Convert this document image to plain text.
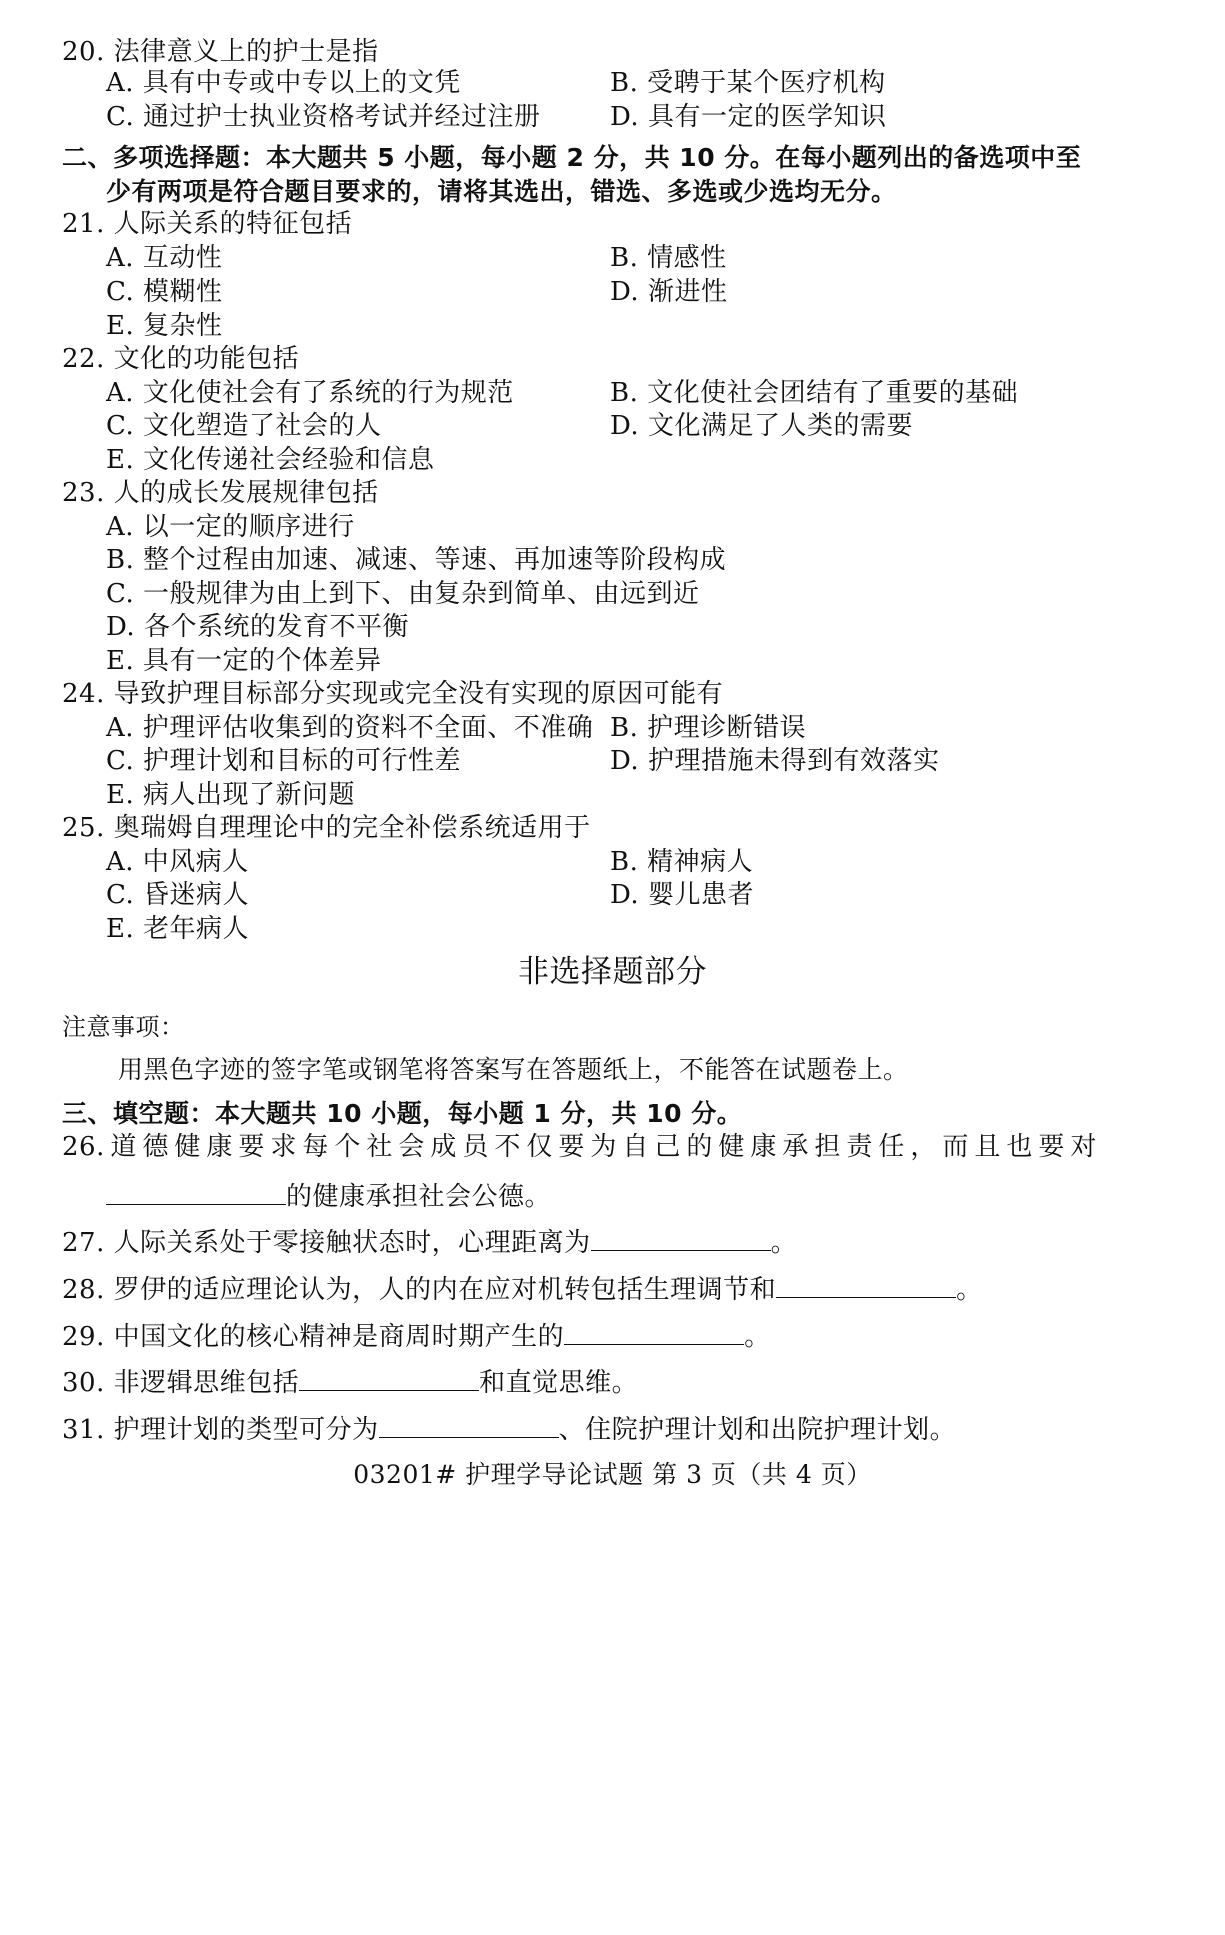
20. 法律意义上的护士是指
A. 具有中专或中专以上的文凭	B. 受聘于某个医疗机构
C. 通过护士执业资格考试并经过注册	D. 具有一定的医学知识
二、多项选择题：本大题共 5 小题，每小题 2 分，共 10 分。在每小题列出的备选项中至
少有两项是符合题目要求的，请将其选出，错选、多选或少选均无分。
21. 人际关系的特征包括
A. 互动性	B. 情感性
C. 模糊性	D. 渐进性
E. 复杂性
22. 文化的功能包括
A. 文化使社会有了系统的行为规范	B. 文化使社会团结有了重要的基础
C. 文化塑造了社会的人	D. 文化满足了人类的需要
E. 文化传递社会经验和信息
23. 人的成长发展规律包括
A. 以一定的顺序进行
B. 整个过程由加速、减速、等速、再加速等阶段构成
C. 一般规律为由上到下、由复杂到简单、由远到近
D. 各个系统的发育不平衡
E. 具有一定的个体差异
24. 导致护理目标部分实现或完全没有实现的原因可能有
A. 护理评估收集到的资料不全面、不准确 B. 护理诊断错误
C. 护理计划和目标的可行性差	D. 护理措施未得到有效落实
E. 病人出现了新问题
25. 奥瑞姆自理理论中的完全补偿系统适用于
A. 中风病人	B. 精神病人
C. 昏迷病人	D. 婴儿患者
E. 老年病人
非选择题部分
注意事项：
用黑色字迹的签字笔或钢笔将答案写在答题纸上，不能答在试题卷上。
三、填空题：本大题共 10 小题，每小题 1 分，共 10 分。
26. 道 德 健 康 要 求 每 个 社 会 成 员 不 仅 要 为 自 己 的 健 康 承 担 责 任 ， 而 且 也 要 对
的健康承担社会公德。
27. 人际关系处于零接触状态时，心理距离为	。
28. 罗伊的适应理论认为，人的内在应对机转包括生理调节和	。
29. 中国文化的核心精神是商周时期产生的	。
30. 非逻辑思维包括	和直觉思维。
31. 护理计划的类型可分为	、住院护理计划和出院护理计划。
03201# 护理学导论试题 第 3 页（共 4 页）
